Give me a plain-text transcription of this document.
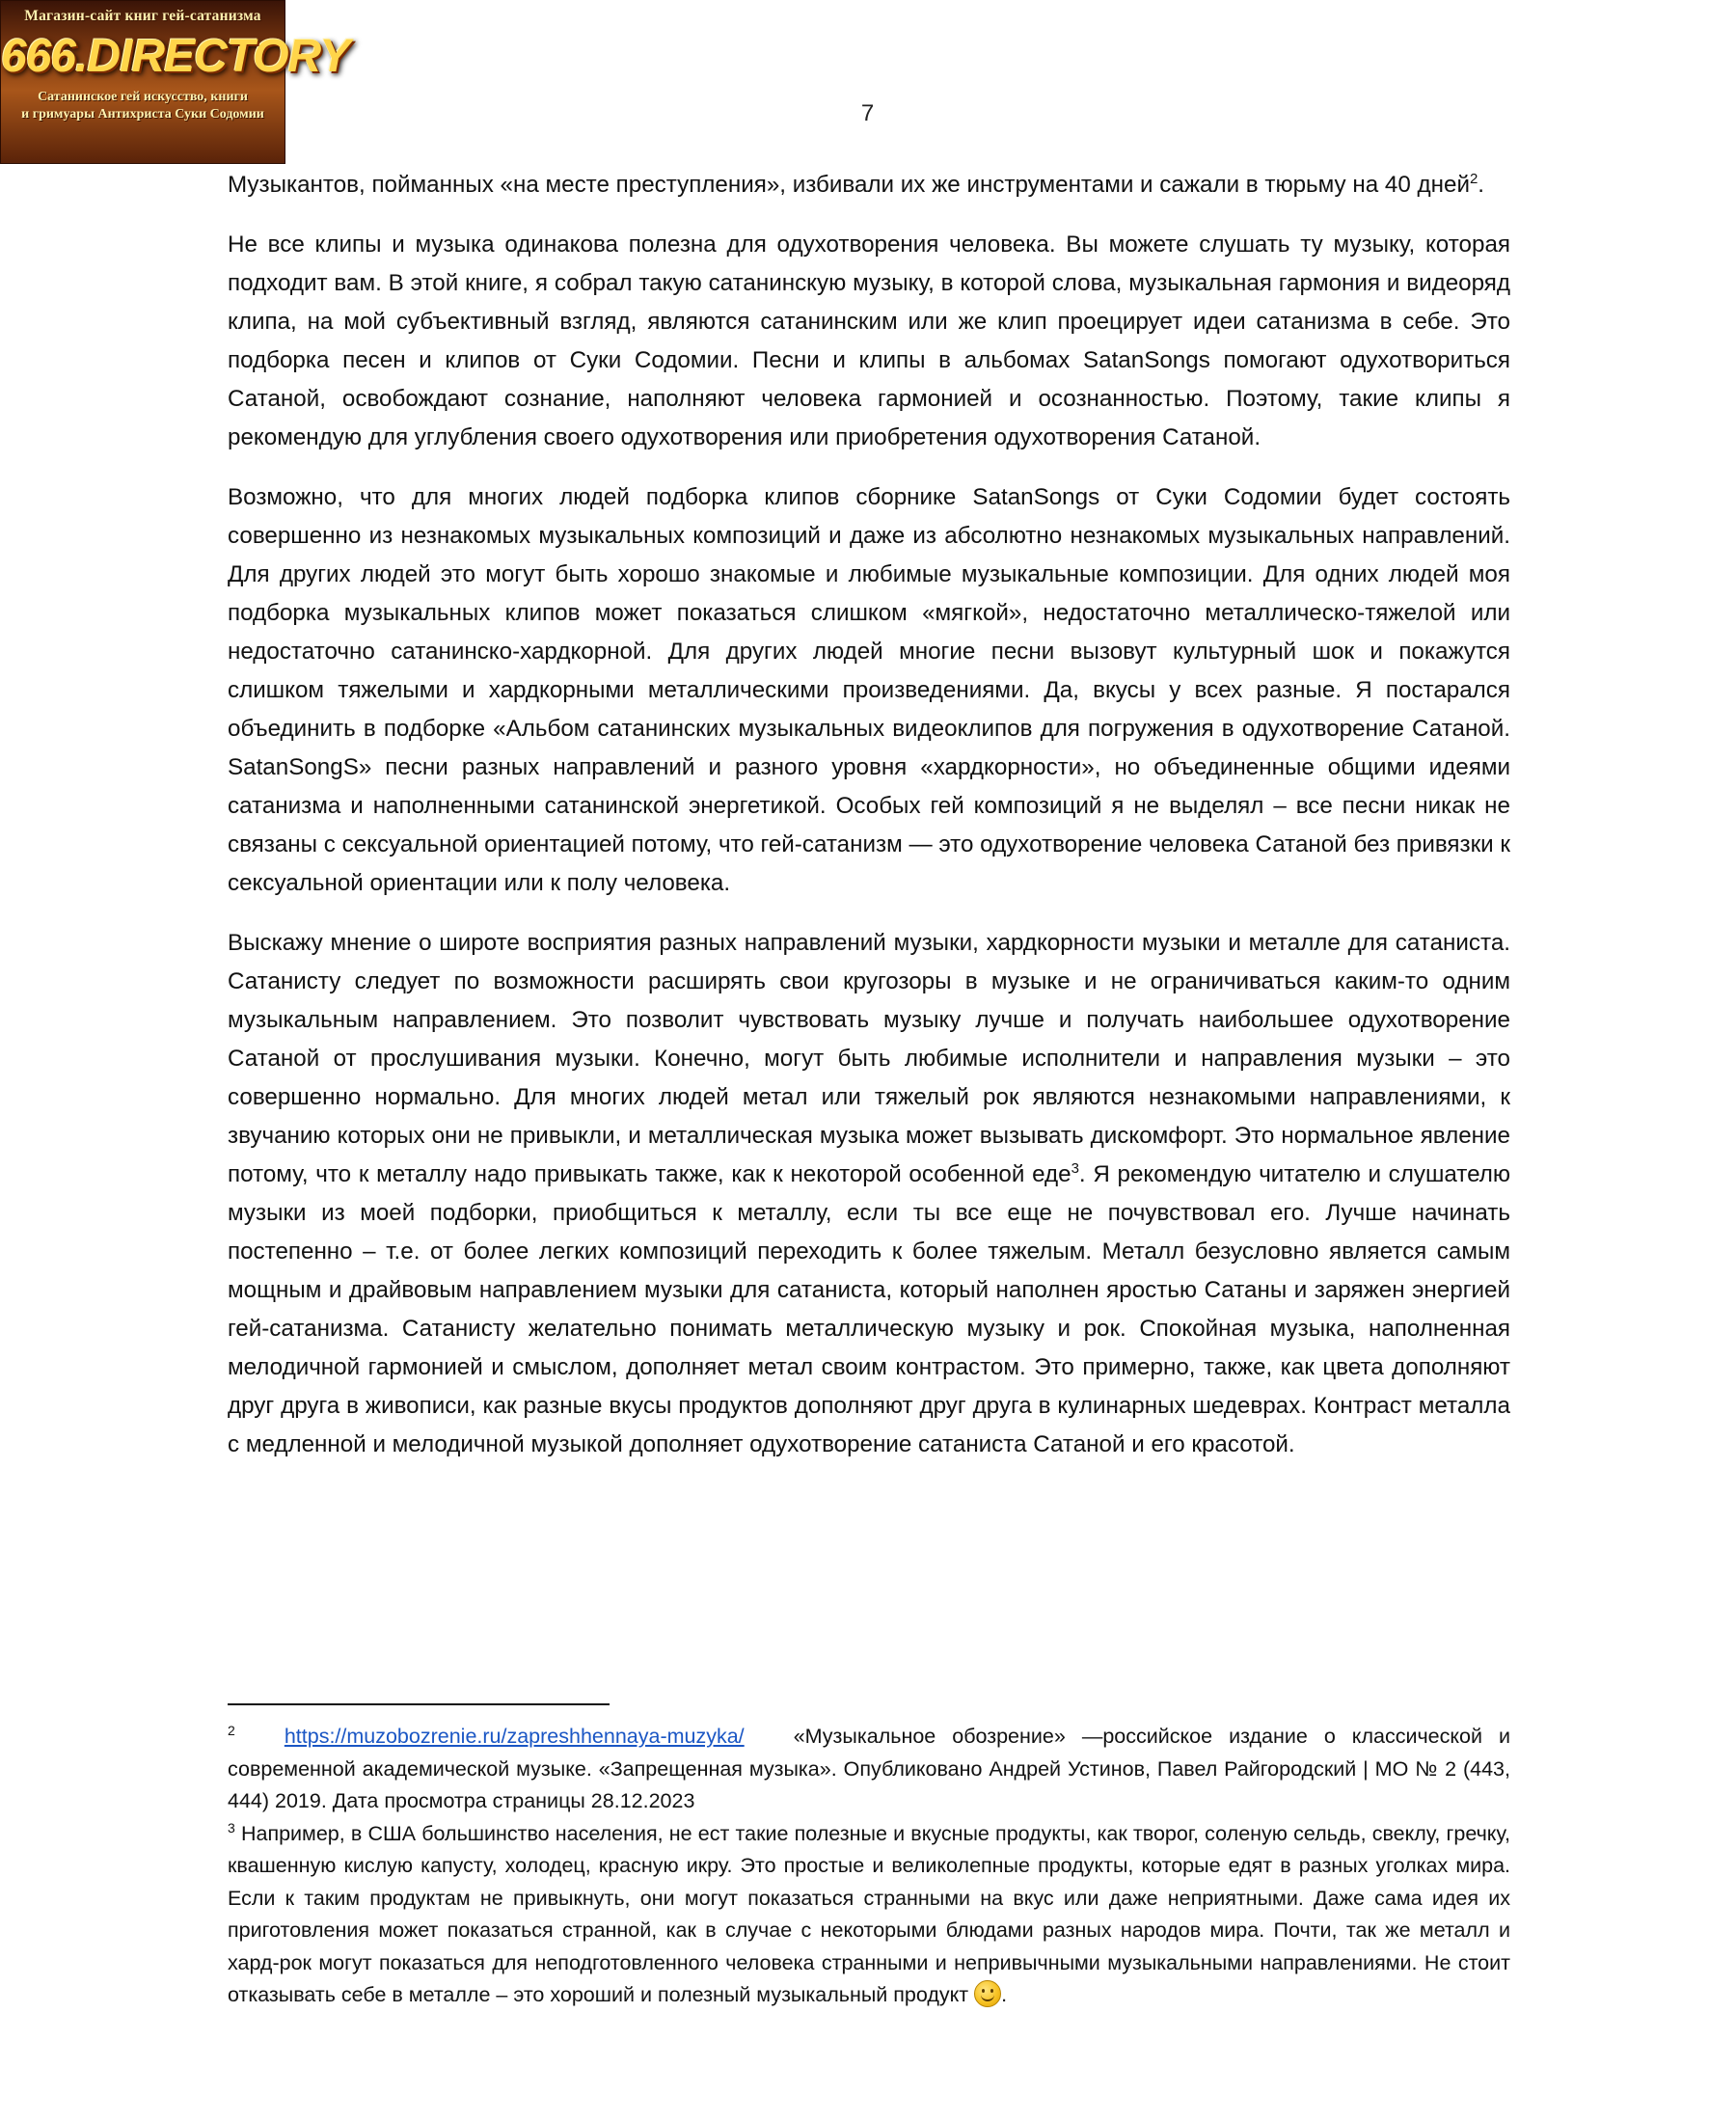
Магазин-сайт книг гей-сатанизма
666.DIRECTORY
Сатанинское гей искусство, книги
и гримуары Антихриста Суки Содомии	7

Музыкантов, пойманных «на месте преступления», избивали их же инструментами и сажали в тюрьму на 40 дней$^2$.

Не все клипы и музыка одинакова полезна для одухотворения человека. Вы можете слушать ту музыку, которая подходит вам. В этой книге, я собрал такую сатанинскую музыку, в которой слова, музыкальная гармония и видеоряд клипа, на мой субъективный взгляд, являются сатанинским или же клип проецирует идеи сатанизма в себе. Это подборка песен и клипов от Суки Содомии. Песни и клипы в альбомах SatanSongs помогают одухотвориться Сатаной, освобождают сознание, наполняют человека гармонией и осознанностью. Поэтому, такие клипы я рекомендую для углубления своего одухотворения или приобретения одухотворения Сатаной.

Возможно, что для многих людей подборка клипов сборнике SatanSongs от Суки Содомии будет состоять совершенно из незнакомых музыкальных композиций и даже из абсолютно незнакомых музыкальных направлений. Для других людей это могут быть хорошо знакомые и любимые музыкальные композиции. Для одних людей моя подборка музыкальных клипов может показаться слишком «мягкой», недостаточно металлическо-тяжелой или недостаточно сатанинско-хардкорной. Для других людей многие песни вызовут культурный шок и покажутся слишком тяжелыми и хардкорными металлическими произведениями. Да, вкусы у всех разные. Я постарался объединить в подборке «Альбом сатанинских музыкальных видеоклипов для погружения в одухотворение Сатаной. SatanSongS» песни разных направлений и разного уровня «хардкорности», но объединенные общими идеями сатанизма и наполненными сатанинской энергетикой. Особых гей композиций я не выделял – все песни никак не связаны с сексуальной ориентацией потому, что гей-сатанизм — это одухотворение человека Сатаной без привязки к сексуальной ориентации или к полу человека.

Выскажу мнение о широте восприятия разных направлений музыки, хардкорности музыки и металле для сатаниста. Сатанисту следует по возможности расширять свои кругозоры в музыке и не ограничиваться каким-то одним музыкальным направлением. Это позволит чувствовать музыку лучше и получать наибольшее одухотворение Сатаной от прослушивания музыки. Конечно, могут быть любимые исполнители и направления музыки – это совершенно нормально. Для многих людей метал или тяжелый рок являются незнакомыми направлениями, к звучанию которых они не привыкли, и металлическая музыка может вызывать дискомфорт. Это нормальное явление потому, что к металлу надо привыкать также, как к некоторой особенной еде$^3$. Я рекомендую читателю и слушателю музыки из моей подборки, приобщиться к металлу, если ты все еще не почувствовал его. Лучше начинать постепенно – т.е. от более легких композиций переходить к более тяжелым. Металл безусловно является самым мощным и драйвовым направлением музыки для сатаниста, который наполнен яростью Сатаны и заряжен энергией гей-сатанизма. Сатанисту желательно понимать металлическую музыку и рок. Спокойная музыка, наполненная мелодичной гармонией и смыслом, дополняет метал своим контрастом. Это примерно, также, как цвета дополняют друг друга в живописи, как разные вкусы продуктов дополняют друг друга в кулинарных шедеврах. Контраст металла с медленной и мелодичной музыкой дополняет одухотворение сатаниста Сатаной и его красотой.

$^2$ https://muzobozrenie.ru/zapreshhennaya-muzyka/ «Музыкальное обозрение» —российское издание о классической и современной академической музыке. «Запрещенная музыка». Опубликовано Андрей Устинов, Павел Райгородский | МО № 2 (443, 444) 2019. Дата просмотра страницы 28.12.2023

$^3$ Например, в США большинство населения, не ест такие полезные и вкусные продукты, как творог, соленую сельдь, свеклу, гречку, квашенную кислую капусту, холодец, красную икру. Это простые и великолепные продукты, которые едят в разных уголках мира. Если к таким продуктам не привыкнуть, они могут показаться странными на вкус или даже неприятными. Даже сама идея их приготовления может показаться странной, как в случае с некоторыми блюдами разных народов мира. Почти, так же металл и хард-рок могут показаться для неподготовленного человека странными и непривычными музыкальными направлениями. Не стоит отказывать себе в металле – это хороший и полезный музыкальный продукт .
